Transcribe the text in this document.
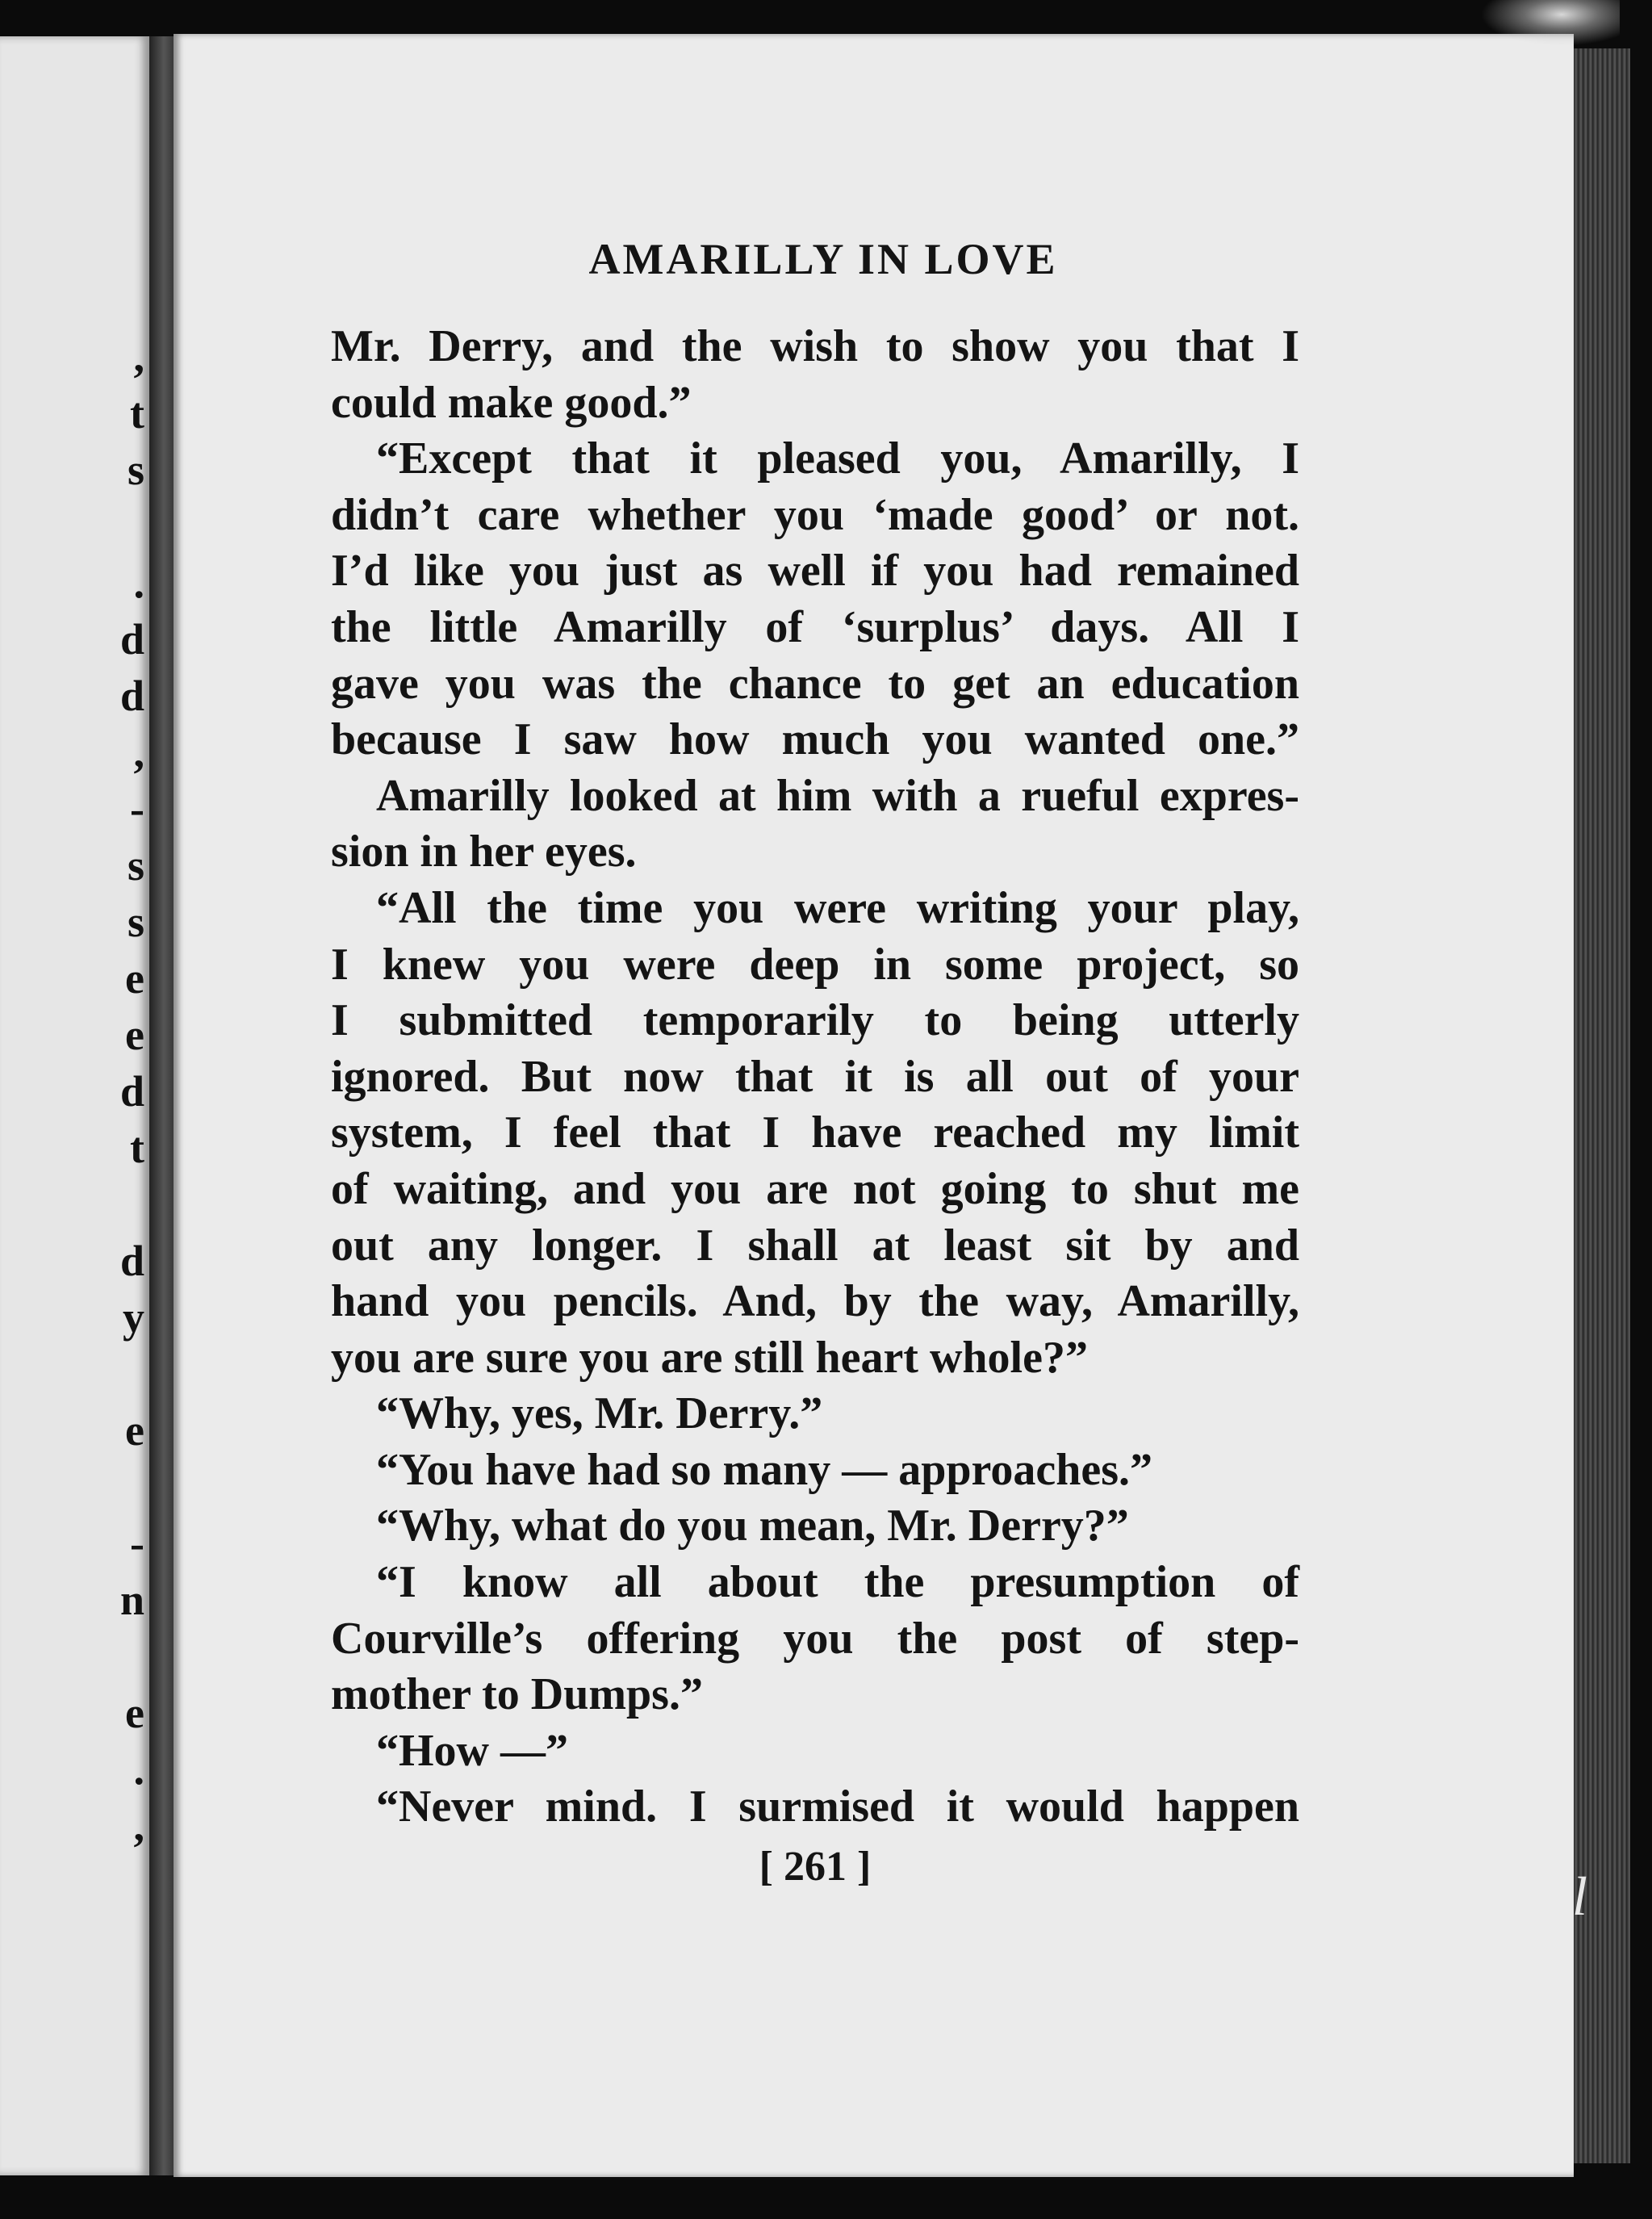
,
t
s
.
d
d
,
-
s
s
e
e
d
t
d
y
e
-
n
e
.
,
AMARILLY IN LOVE
Mr. Derry, and the wish to show you that I
could make good.”
“Except that it pleased you, Amarilly, I
didn’t care whether you ‘made good’ or not.
I’d like you just as well if you had remained
the little Amarilly of ‘surplus’ days. All I
gave you was the chance to get an education
because I saw how much you wanted one.”
Amarilly looked at him with a rueful expres-
sion in her eyes.
“All the time you were writing your play,
I knew you were deep in some project, so
I submitted temporarily to being utterly
ignored. But now that it is all out of your
system, I feel that I have reached my limit
of waiting, and you are not going to shut me
out any longer. I shall at least sit by and
hand you pencils. And, by the way, Amarilly,
you are sure you are still heart whole?”
“Why, yes, Mr. Derry.”
“You have had so many — approaches.”
“Why, what do you mean, Mr. Derry?”
“I know all about the presumption of
Courville’s offering you the post of step-
mother to Dumps.”
“How —”
“Never mind. I surmised it would happen
[ 261 ]	l
